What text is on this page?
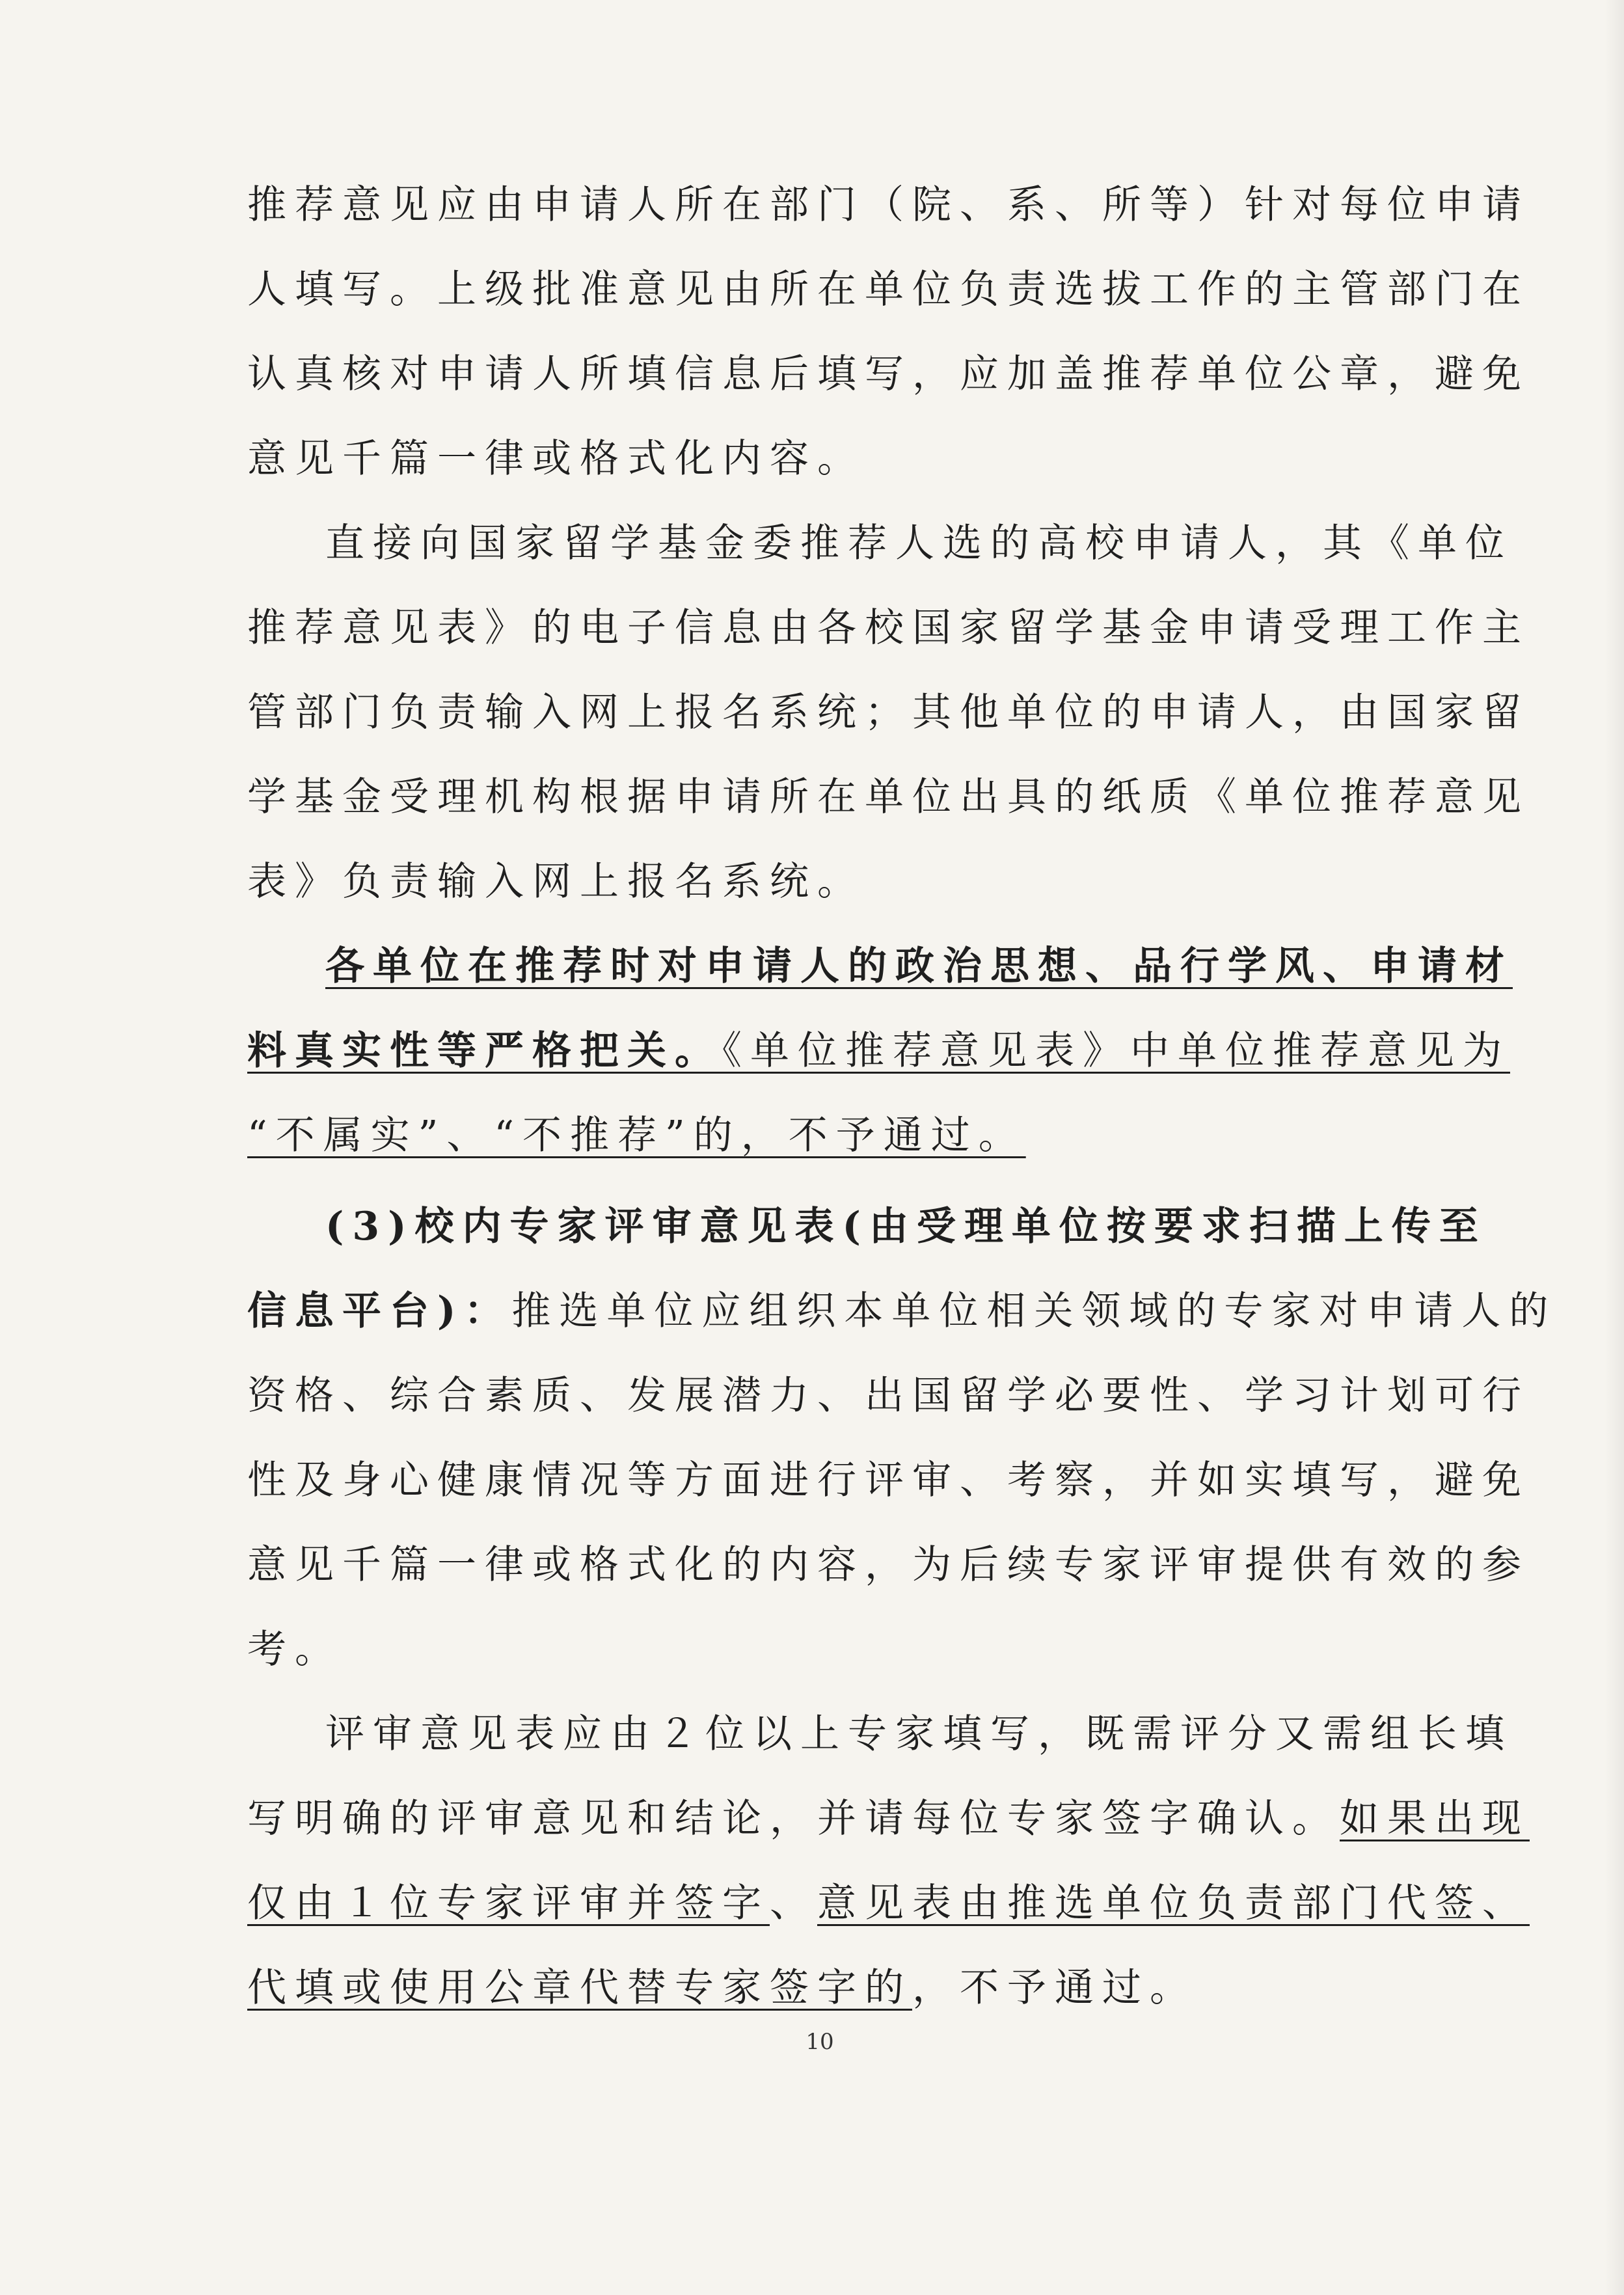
推荐意见应由申请人所在部门（院、系、所等）针对每位申请
人填写。上级批准意见由所在单位负责选拔工作的主管部门在
认真核对申请人所填信息后填写，应加盖推荐单位公章，避免
意见千篇一律或格式化内容。
直接向国家留学基金委推荐人选的高校申请人，其《单位
推荐意见表》的电子信息由各校国家留学基金申请受理工作主
管部门负责输入网上报名系统；其他单位的申请人，由国家留
学基金受理机构根据申请所在单位出具的纸质《单位推荐意见
表》负责输入网上报名系统。
各单位在推荐时对申请人的政治思想、品行学风、申请材
料真实性等严格把关。《单位推荐意见表》中单位推荐意见为
“不属实”、“不推荐”的，不予通过。
(3)校内专家评审意见表(由受理单位按要求扫描上传至
信息平台)：推选单位应组织本单位相关领域的专家对申请人的
资格、综合素质、发展潜力、出国留学必要性、学习计划可行
性及身心健康情况等方面进行评审、考察，并如实填写，避免
意见千篇一律或格式化的内容，为后续专家评审提供有效的参
考。
评审意见表应由２位以上专家填写，既需评分又需组长填
写明确的评审意见和结论，并请每位专家签字确认。如果出现
仅由１位专家评审并签字、意见表由推选单位负责部门代签、
代填或使用公章代替专家签字的，不予通过。
10
